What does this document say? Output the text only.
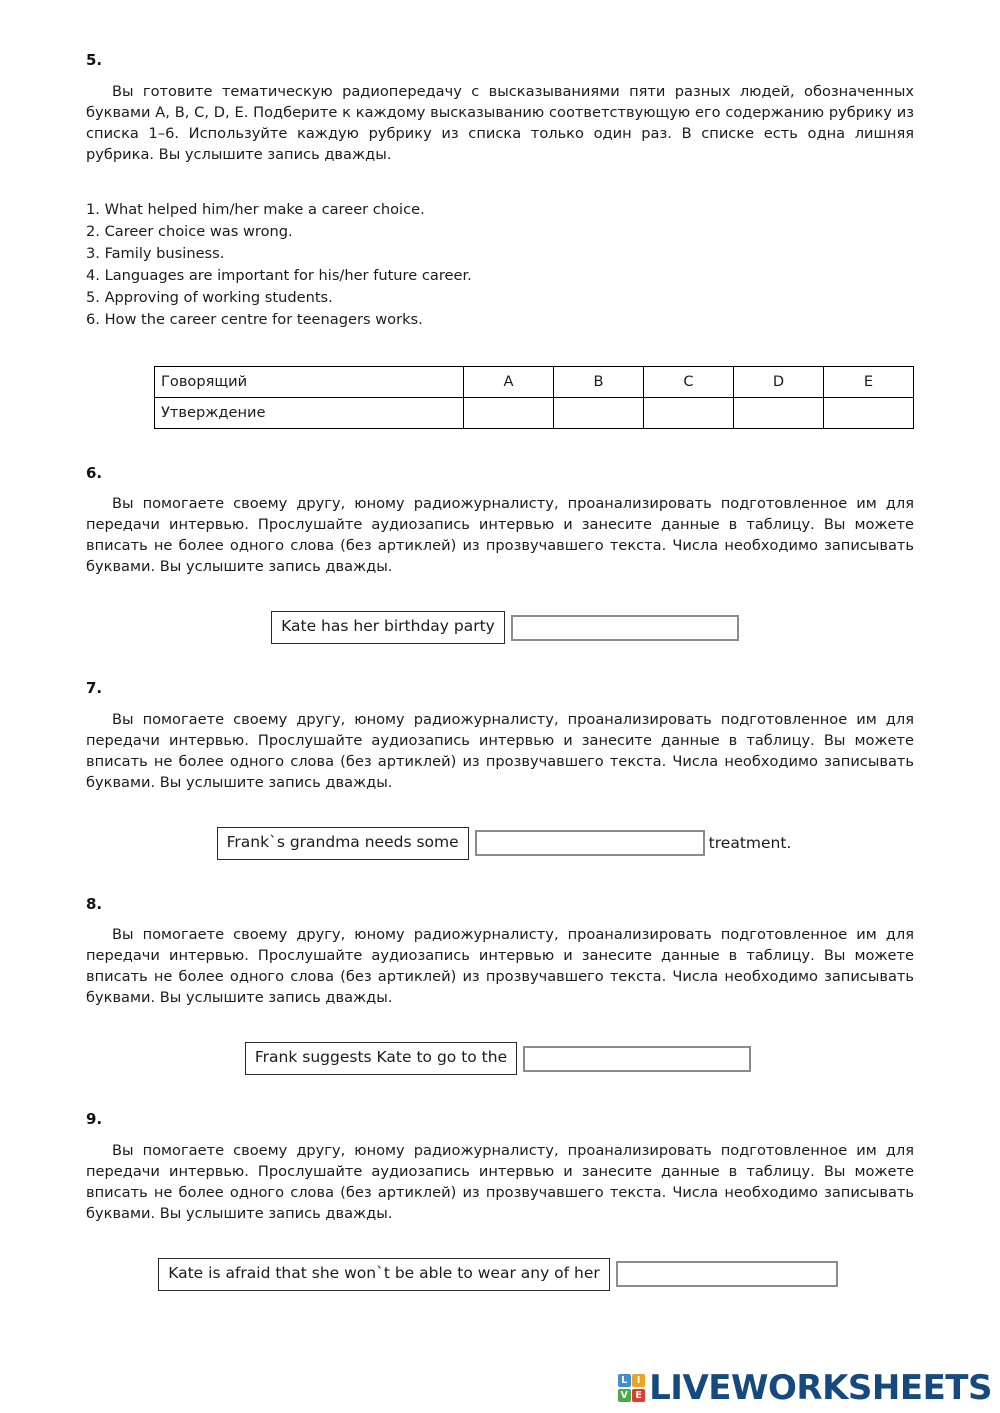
5.

Вы готовите тематическую радиопередачу с высказываниями пяти разных людей, обозначенных буквами A, B, C, D, E. Подберите к каждому высказыванию соответствующую его содержанию рубрику из списка 1–6. Используйте каждую рубрику из списка только один раз. В списке есть одна лишняя рубрика. Вы услышите запись дважды.

1. What helped him/her make a career choice.
2. Career choice was wrong.
3. Family business.
4. Languages are important for his/her future career.
5. Approving of working students.
6. How the career centre for teenagers works.
Говорящий	A	B	C	D	E
Утверждение					
6.

Вы помогаете своему другу, юному радиожурналисту, проанализировать подготовленное им для передачи интервью. Прослушайте аудиозапись интервью и занесите данные в таблицу. Вы можете вписать не более одного слова (без артиклей) из прозвучавшего текста. Числа необходимо записывать буквами. Вы услышите запись дважды.

Kate has her birthday party
7.

Вы помогаете своему другу, юному радиожурналисту, проанализировать подготовленное им для передачи интервью. Прослушайте аудиозапись интервью и занесите данные в таблицу. Вы можете вписать не более одного слова (без артиклей) из прозвучавшего текста. Числа необходимо записывать буквами. Вы услышите запись дважды.

Frank`s grandma needs some	treatment.
8.

Вы помогаете своему другу, юному радиожурналисту, проанализировать подготовленное им для передачи интервью. Прослушайте аудиозапись интервью и занесите данные в таблицу. Вы можете вписать не более одного слова (без артиклей) из прозвучавшего текста. Числа необходимо записывать буквами. Вы услышите запись дважды.

Frank suggests Kate to go to the
9.

Вы помогаете своему другу, юному радиожурналисту, проанализировать подготовленное им для передачи интервью. Прослушайте аудиозапись интервью и занесите данные в таблицу. Вы можете вписать не более одного слова (без артиклей) из прозвучавшего текста. Числа необходимо записывать буквами. Вы услышите запись дважды.

Kate is afraid that she won`t be able to wear any of her
L	I
V E LIVEWORKSHEETS
